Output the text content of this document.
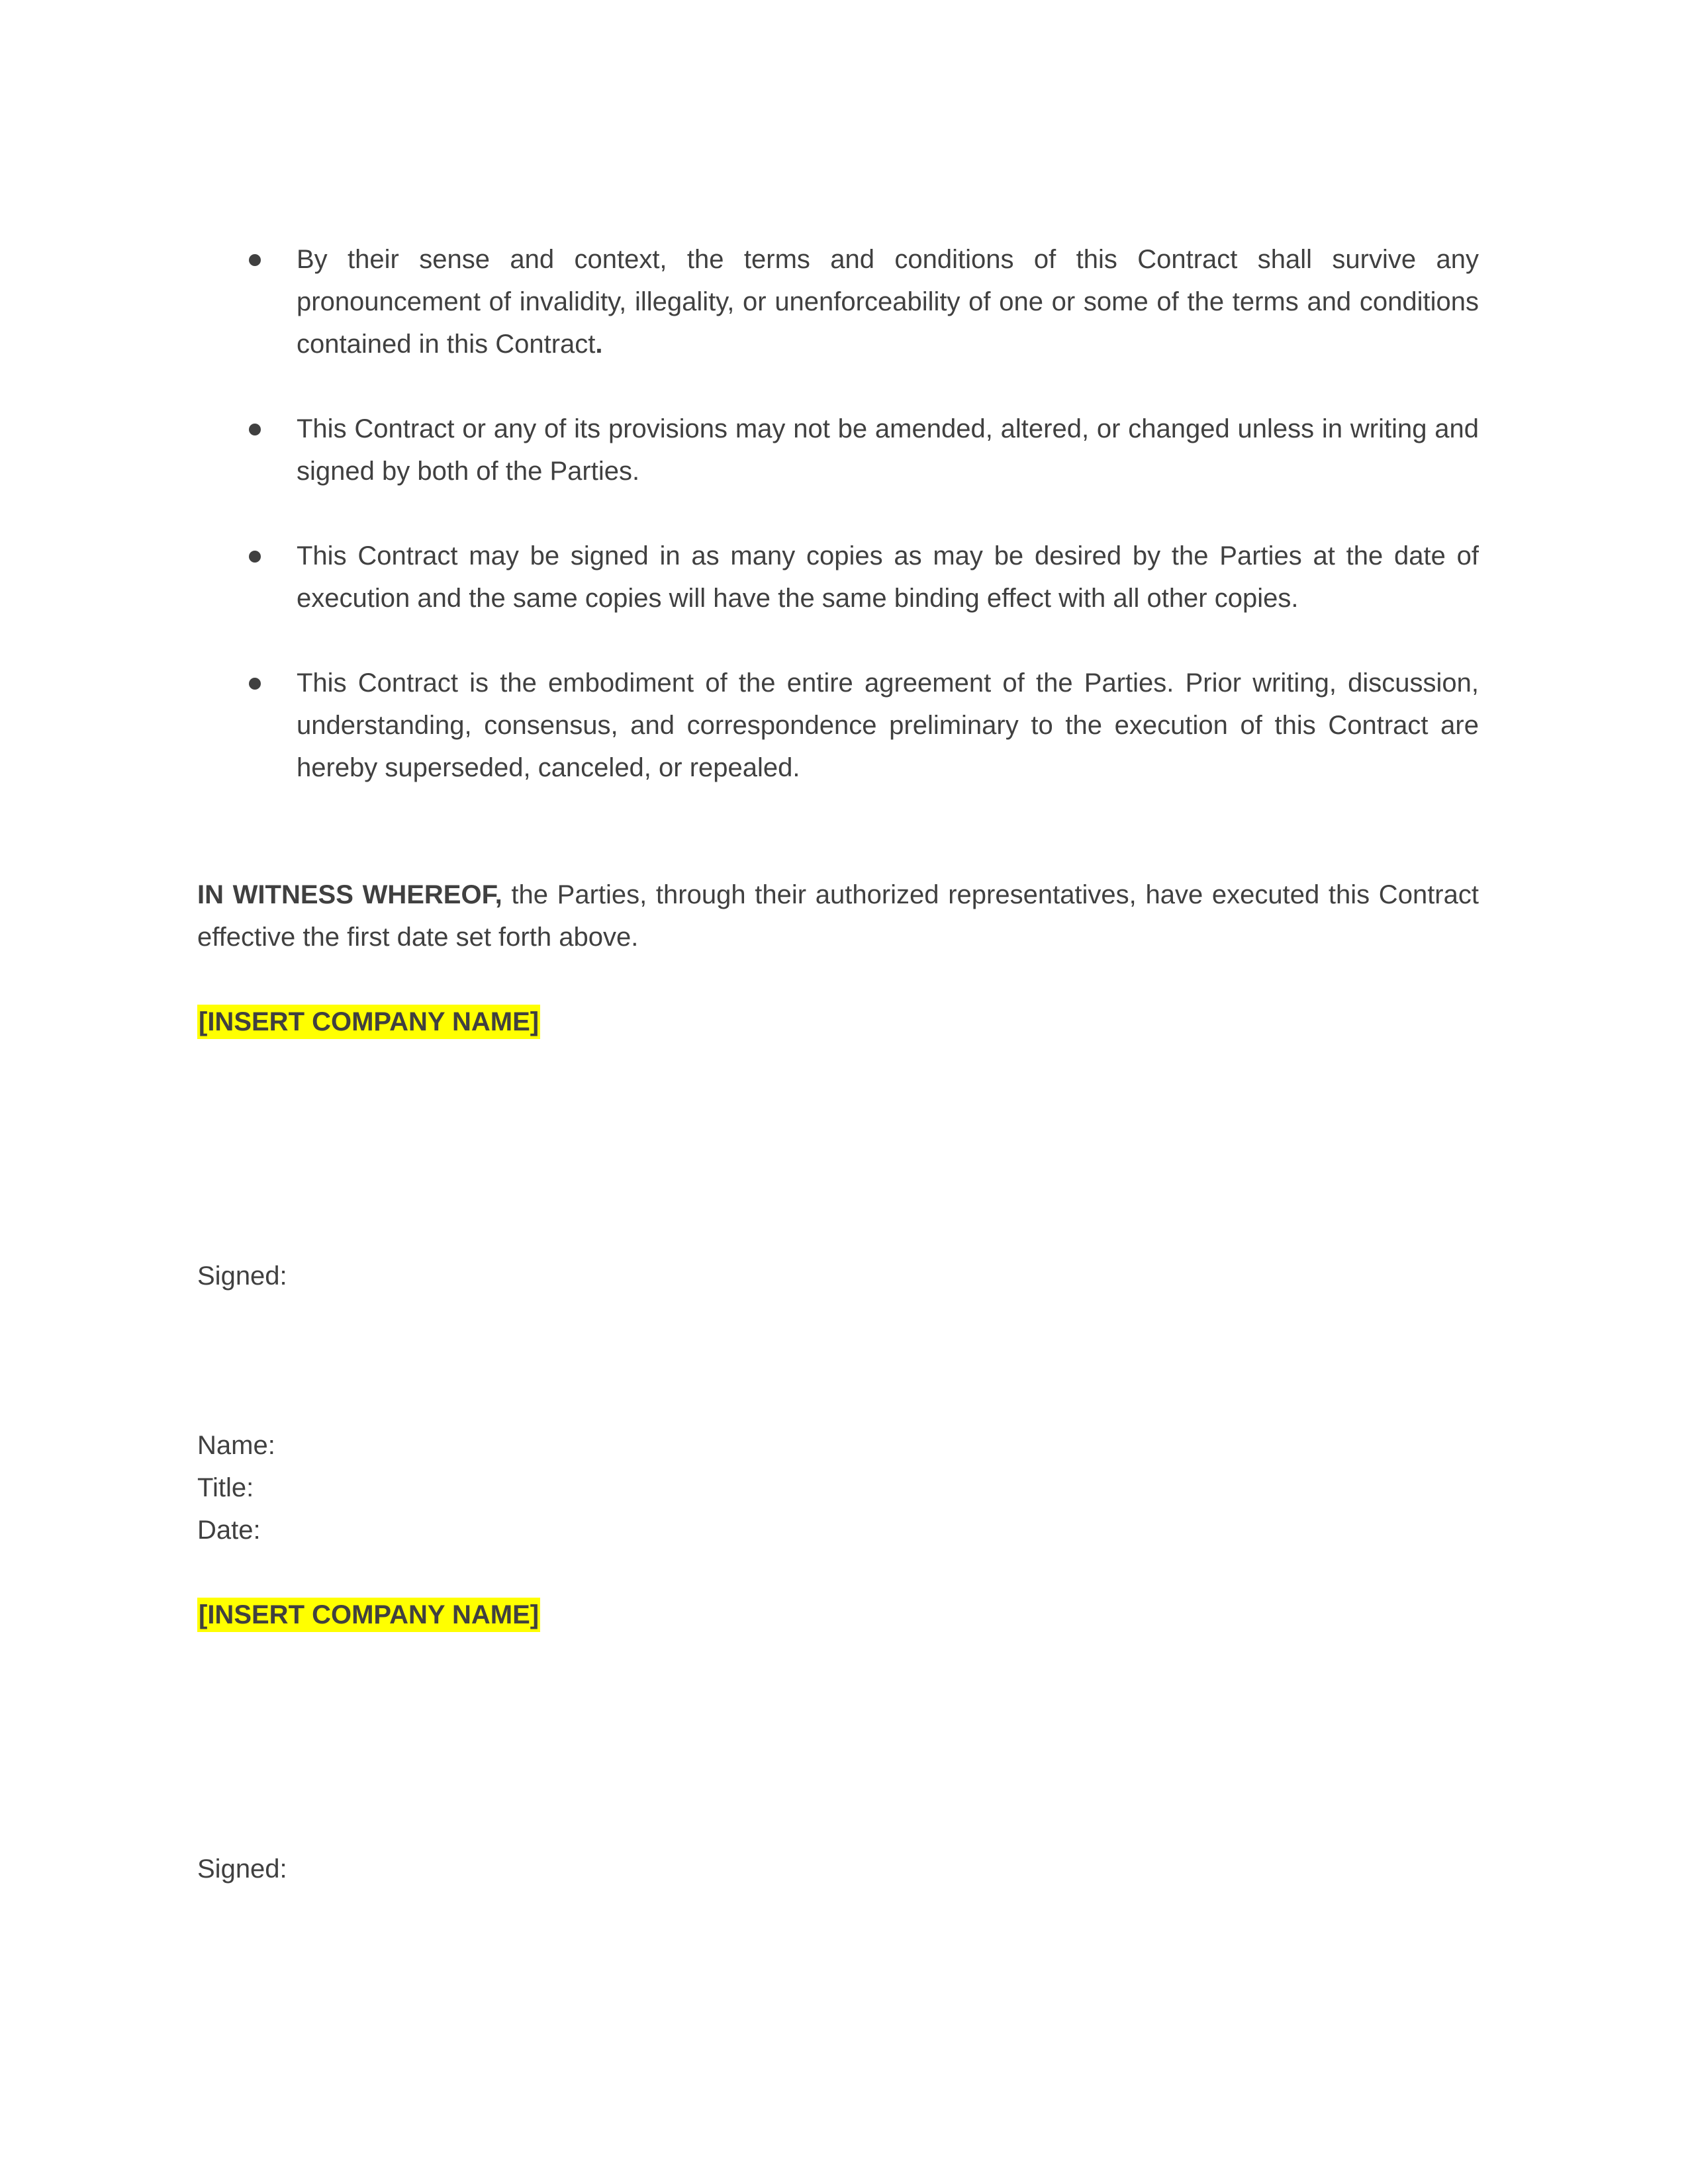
By their sense and context, the terms and conditions of this Contract shall survive any pronouncement of invalidity, illegality, or unenforceability of one or some of the terms and conditions contained in this Contract.
This Contract or any of its provisions may not be amended, altered, or changed unless in writing and signed by both of the Parties.
This Contract may be signed in as many copies as may be desired by the Parties at the date of execution and the same copies will have the same binding effect with all other copies.
This Contract is the embodiment of the entire agreement of the Parties. Prior writing, discussion, understanding, consensus, and correspondence preliminary to the execution of this Contract are hereby superseded, canceled, or repealed.

IN WITNESS WHEREOF, the Parties, through their authorized representatives, have executed this Contract effective the first date set forth above.

[INSERT COMPANY NAME]
Signed:
Name:
Title:
Date:
[INSERT COMPANY NAME]
Signed:
